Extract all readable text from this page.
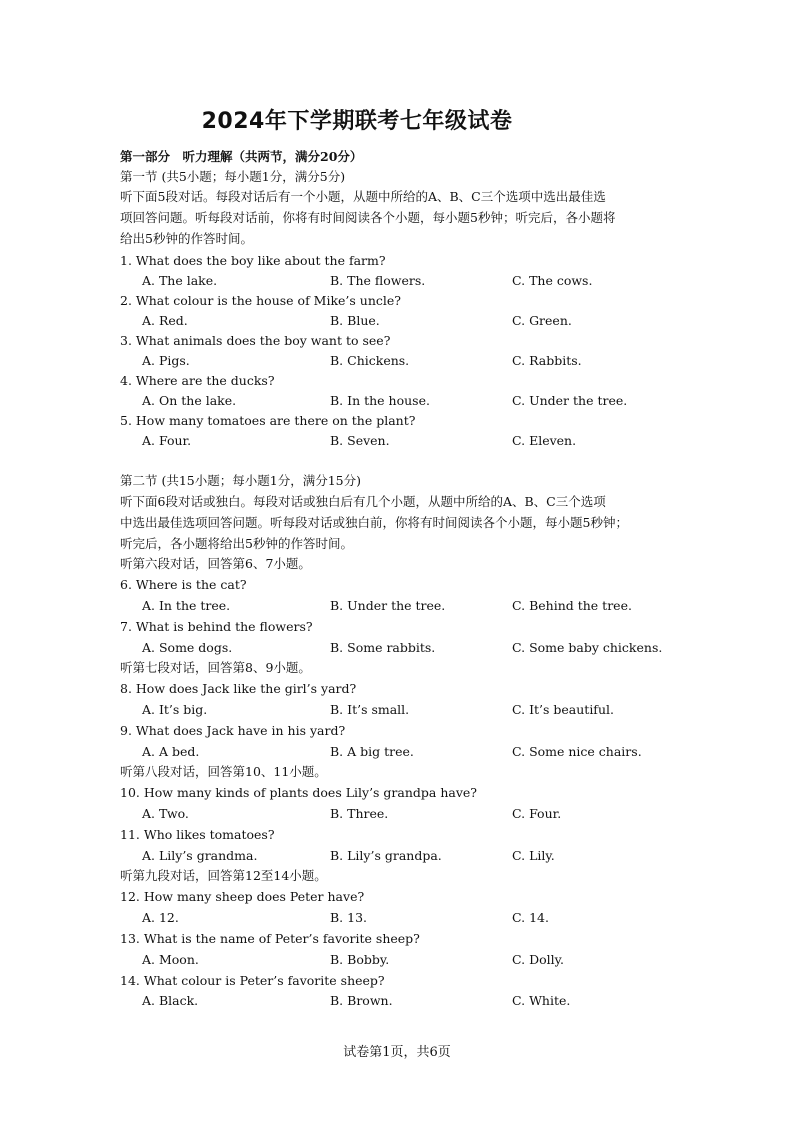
2024年下学期联考七年级试卷
第一部分　听力理解（共两节，满分20分）
第一节 (共5小题；每小题1分，满分5分)
听下面5段对话。每段对话后有一个小题，从题中所给的A、B、C三个选项中选出最佳选
项回答问题。听每段对话前，你将有时间阅读各个小题，每小题5秒钟；听完后，各小题将
给出5秒钟的作答时间。
1. What does the boy like about the farm?
A. The lake.	B. The flowers.	C. The cows.
2. What colour is the house of Mike’s uncle?
A. Red.	B. Blue.	C. Green.
3. What animals does the boy want to see?
A. Pigs.	B. Chickens.	C. Rabbits.
4. Where are the ducks?
A. On the lake.	B. In the house.	C. Under the tree.
5. How many tomatoes are there on the plant?
A. Four.	B. Seven.	C. Eleven.
第二节 (共15小题；每小题1分，满分15分)
听下面6段对话或独白。每段对话或独白后有几个小题，从题中所给的A、B、C三个选项
中选出最佳选项回答问题。听每段对话或独白前，你将有时间阅读各个小题，每小题5秒钟；
听完后，各小题将给出5秒钟的作答时间。
听第六段对话，回答第6、7小题。
6. Where is the cat?
A. In the tree.	B. Under the tree.	C. Behind the tree.
7. What is behind the flowers?
A. Some dogs.	B. Some rabbits.	C. Some baby chickens.
听第七段对话，回答第8、9小题。
8. How does Jack like the girl’s yard?
A. It’s big.	B. It’s small.	C. It’s beautiful.
9. What does Jack have in his yard?
A. A bed.	B. A big tree.	C. Some nice chairs.
听第八段对话，回答第10、11小题。
10. How many kinds of plants does Lily’s grandpa have?
A. Two.	B. Three.	C. Four.
11. Who likes tomatoes?
A. Lily’s grandma.	B. Lily’s grandpa.	C. Lily.
听第九段对话，回答第12至14小题。
12. How many sheep does Peter have?
A. 12.	B. 13.	C. 14.
13. What is the name of Peter’s favorite sheep?
A. Moon.	B. Bobby.	C. Dolly.
14. What colour is Peter’s favorite sheep?
A. Black.	B. Brown.	C. White.
试卷第1页，共6页
